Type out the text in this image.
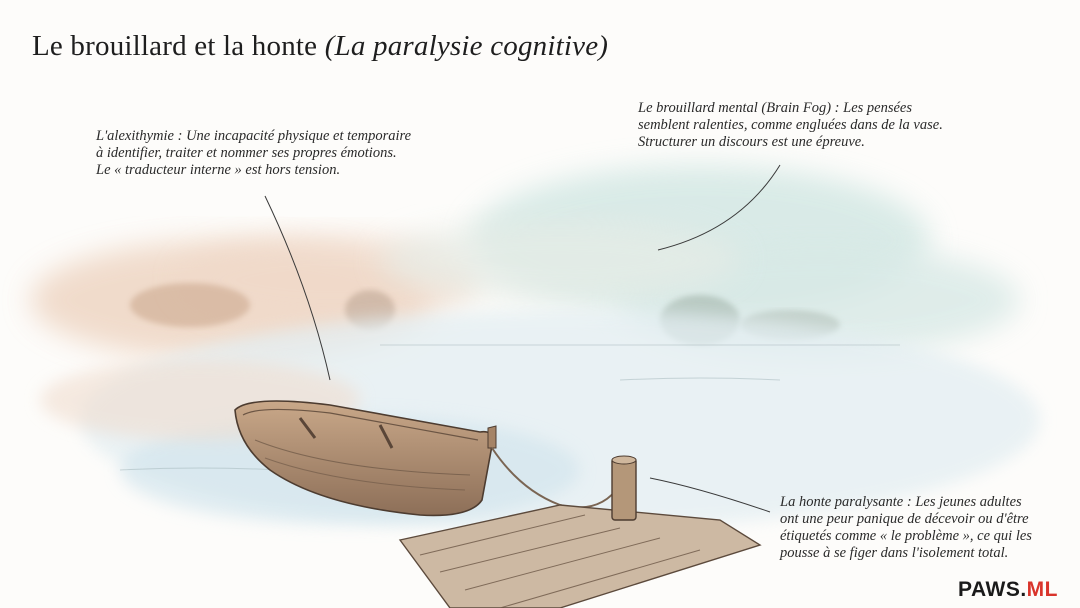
Le brouillard et la honte (La paralysie cognitive)
L'alexithymie : Une incapacité physique et temporaire
à identifier, traiter et nommer ses propres émotions.
Le « traducteur interne » est hors tension.
Le brouillard mental (Brain Fog) : Les pensées
semblent ralenties, comme engluées dans de la vase.
Structurer un discours est une épreuve.
La honte paralysante : Les jeunes adultes
ont une peur panique de décevoir ou d'être
étiquetés comme « le problème », ce qui les
pousse à se figer dans l'isolement total.
PAWS.ML
